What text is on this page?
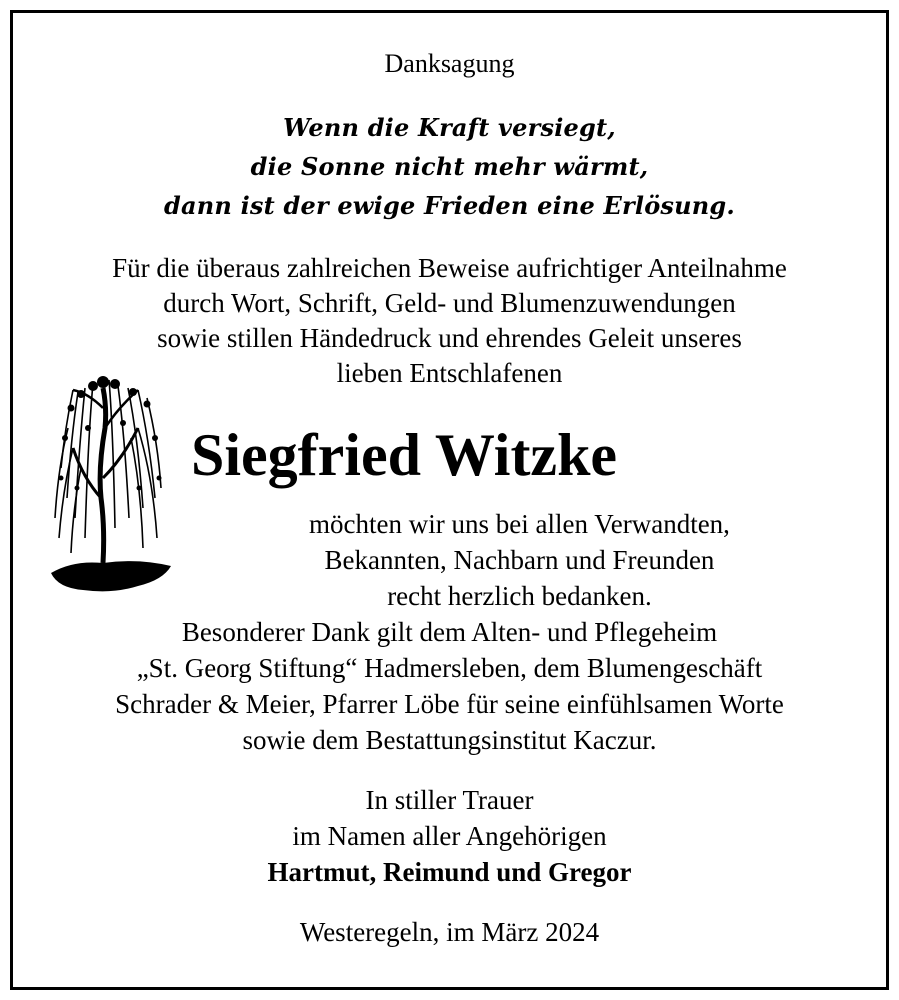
Danksagung
Wenn die Kraft versiegt,
die Sonne nicht mehr wärmt,
dann ist der ewige Frieden eine Erlösung.
Für die überaus zahlreichen Beweise aufrichtiger Anteilnahme
durch Wort, Schrift, Geld- und Blumenzuwendungen
sowie stillen Händedruck und ehrendes Geleit unseres
lieben Entschlafenen
Siegfried Witzke
möchten wir uns bei allen Verwandten,
Bekannten, Nachbarn und Freunden
recht herzlich bedanken.
Besonderer Dank gilt dem Alten- und Pflegeheim
„St. Georg Stiftung“ Hadmersleben, dem Blumengeschäft
Schrader & Meier, Pfarrer Löbe für seine einfühlsamen Worte
sowie dem Bestattungsinstitut Kaczur.
In stiller Trauer
im Namen aller Angehörigen
Hartmut, Reimund und Gregor
Westeregeln, im März 2024
